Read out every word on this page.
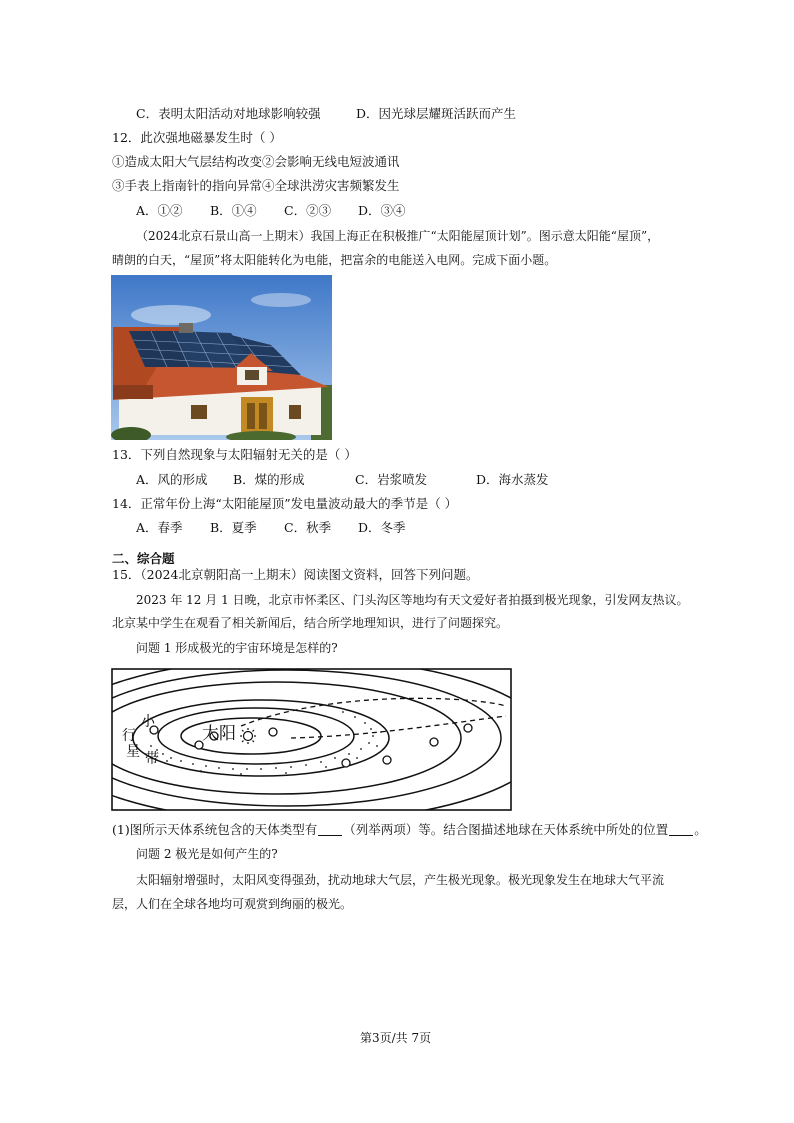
C．表明太阳活动对地球影响较强	D．因光球层耀斑活跃而产生
12．此次强地磁暴发生时（ ）
①造成太阳大气层结构改变②会影响无线电短波通讯
③手表上指南针的指向异常④全球洪涝灾害频繁发生
A．①② B．①④ C．②③ D．③④
（2024北京石景山高一上期末）我国上海正在积极推广“太阳能屋顶计划”。图示意太阳能“屋顶”，
晴朗的白天，“屋顶”将太阳能转化为电能，把富余的电能送入电网。完成下面小题。
13．下列自然现象与太阳辐射无关的是（ ）
A．风的形成 B．煤的形成	C．岩浆喷发	D．海水蒸发
14．正常年份上海“太阳能屋顶”发电量波动最大的季节是（ ）
A．春季 B．夏季 C．秋季 D．冬季
二、综合题
15．（2024北京朝阳高一上期末）阅读图文资料，回答下列问题。
2023 年 12 月 1 日晚，北京市怀柔区、门头沟区等地均有天文爱好者拍摄到极光现象，引发网友热议。
北京某中学生在观看了相关新闻后，结合所学地理知识，进行了问题探究。
问题 1 形成极光的宇宙环境是怎样的?
太阳
小
行
星 带
(1)图所示天体系统包含的天体类型有 （列举两项）等。结合图描述地球在天体系统中所处的位置 。
问题 2 极光是如何产生的?
太阳辐射增强时，太阳风变得强劲，扰动地球大气层，产生极光现象。极光现象发生在地球大气平流
层，人们在全球各地均可观赏到绚丽的极光。
第3页/共 7页
